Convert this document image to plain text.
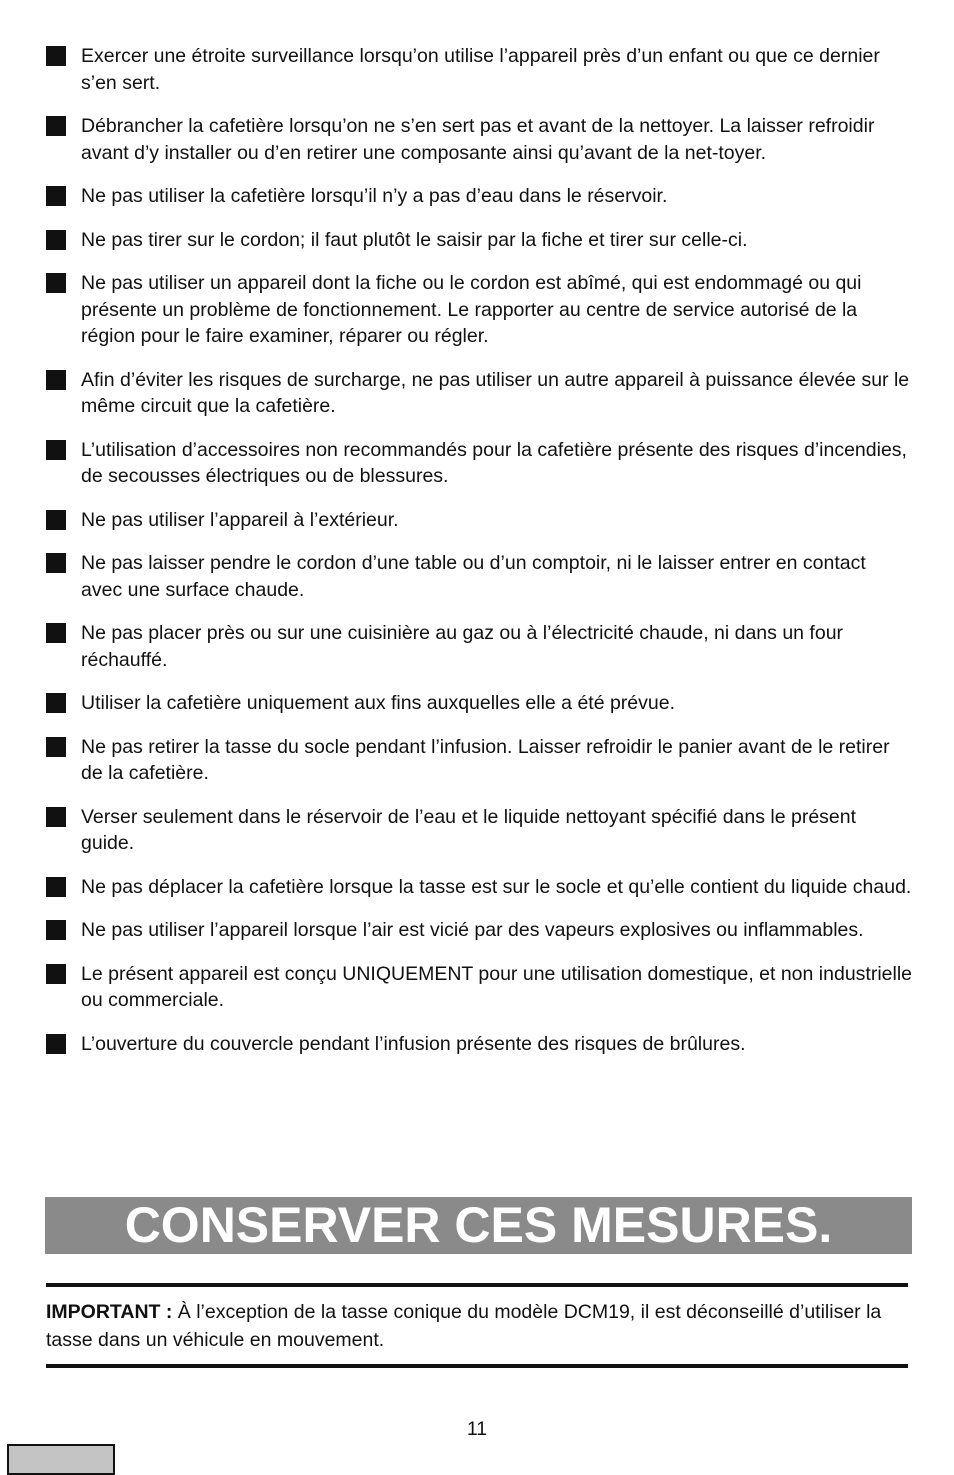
Exercer une étroite surveillance lorsqu’on utilise l’appareil près d’un enfant ou que ce dernier s’en sert.
Débrancher la cafetière lorsqu’on ne s’en sert pas et avant de la nettoyer. La laisser refroidir avant d’y installer ou d’en retirer une composante ainsi qu’avant de la net-toyer.
Ne pas utiliser la cafetière lorsqu’il n’y a pas d’eau dans le réservoir.
Ne pas tirer sur le cordon; il faut plutôt le saisir par la fiche et tirer sur celle-ci.
Ne pas utiliser un appareil dont la fiche ou le cordon est abîmé, qui est endommagé ou qui présente un problème de fonctionnement. Le rapporter au centre de service autorisé de la région pour le faire examiner, réparer ou régler.
Afin d’éviter les risques de surcharge, ne pas utiliser un autre appareil à puissance élevée sur le même circuit que la cafetière.
L’utilisation d’accessoires non recommandés pour la cafetière présente des risques d’incendies, de secousses électriques ou de blessures.
Ne pas utiliser l’appareil à l’extérieur.
Ne pas laisser pendre le cordon d’une table ou d’un comptoir, ni le laisser entrer en contact avec une surface chaude.
Ne pas placer près ou sur une cuisinière au gaz ou à l’électricité chaude, ni dans un four réchauffé.
Utiliser la cafetière uniquement aux fins auxquelles elle a été prévue.
Ne pas retirer la tasse du socle pendant l’infusion. Laisser refroidir le panier avant de le retirer de la cafetière.
Verser seulement dans le réservoir de l’eau et le liquide nettoyant spécifié dans le présent guide.
Ne pas déplacer la cafetière lorsque la tasse est sur le socle et qu’elle contient du liquide chaud.
Ne pas utiliser l’appareil lorsque l’air est vicié par des vapeurs explosives ou inflammables.
Le présent appareil est conçu UNIQUEMENT pour une utilisation domestique, et non industrielle ou commerciale.
L’ouverture du couvercle pendant l’infusion présente des risques de brûlures.
CONSERVER CES MESURES.
IMPORTANT : À l’exception de la tasse conique du modèle DCM19, il est déconseillé d’utiliser la tasse dans un véhicule en mouvement.
11
